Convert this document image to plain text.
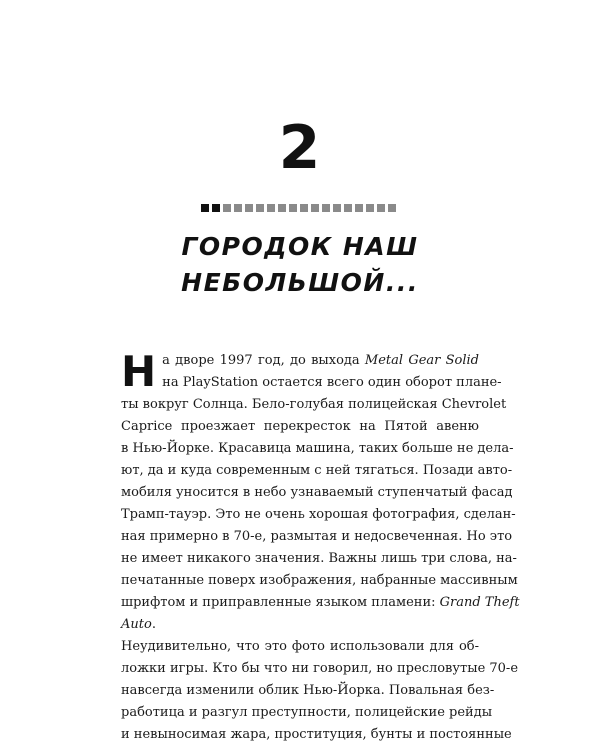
2
ГОРОДОК НАШ
НЕБОЛЬШОЙ...
Н а дворе 1997 год, до выхода Metal Gear Solid
на PlayStation остается всего один оборот плане-
ты вокруг Солнца. Бело-голубая полицейская Chevrolet
Caprice проезжает перекресток на Пятой авеню
в Нью-Йорке. Красавица машина, таких больше не дела-
ют, да и куда современным с ней тягаться. Позади авто-
мобиля уносится в небо узнаваемый ступенчатый фасад
Трамп-тауэр. Это не очень хорошая фотография, сделан-
ная примерно в 70-е, размытая и недосвеченная. Но это
не имеет никакого значения. Важны лишь три слова, на-
печатанные поверх изображения, набранные массивным
шрифтом и приправленные языком пламени: Grand Theft
Auto.
Неудивительно, что это фото использовали для об-
ложки игры. Кто бы что ни говорил, но пресловутые 70-е
навсегда изменили облик Нью-Йорка. Повальная без-
работица и разгул преступности, полицейские рейды
и невыносимая жара, проституция, бунты и постоянные
